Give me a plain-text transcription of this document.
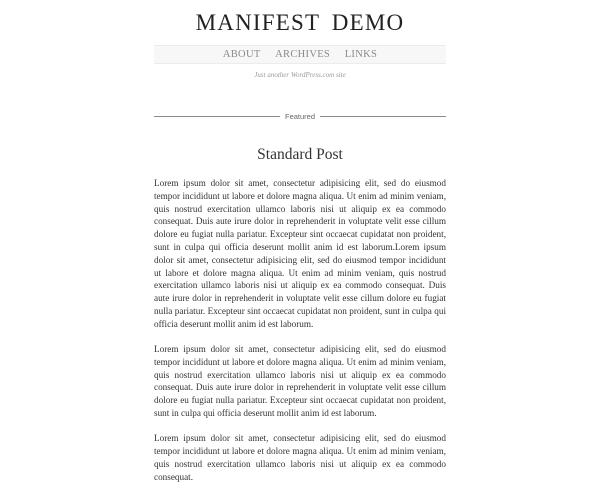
MANIFEST DEMO
ABOUT ARCHIVES LINKS
Just another WordPress.com site
Featured
Standard Post

Lorem ipsum dolor sit amet, consectetur adipisicing elit, sed do eiusmod tempor incididunt ut labore et dolore magna aliqua. Ut enim ad minim veniam, quis nostrud exercitation ullamco laboris nisi ut aliquip ex ea commodo consequat. Duis aute irure dolor in reprehenderit in voluptate velit esse cillum dolore eu fugiat nulla pariatur. Excepteur sint occaecat cupidatat non proident, sunt in culpa qui officia deserunt mollit anim id est laborum.Lorem ipsum dolor sit amet, consectetur adipisicing elit, sed do eiusmod tempor incididunt ut labore et dolore magna aliqua. Ut enim ad minim veniam, quis nostrud exercitation ullamco laboris nisi ut aliquip ex ea commodo consequat. Duis aute irure dolor in reprehenderit in voluptate velit esse cillum dolore eu fugiat nulla pariatur. Excepteur sint occaecat cupidatat non proident, sunt in culpa qui officia deserunt mollit anim id est laborum.

Lorem ipsum dolor sit amet, consectetur adipisicing elit, sed do eiusmod tempor incididunt ut labore et dolore magna aliqua. Ut enim ad minim veniam, quis nostrud exercitation ullamco laboris nisi ut aliquip ex ea commodo consequat. Duis aute irure dolor in reprehenderit in voluptate velit esse cillum dolore eu fugiat nulla pariatur. Excepteur sint occaecat cupidatat non proident, sunt in culpa qui officia deserunt mollit anim id est laborum.

Lorem ipsum dolor sit amet, consectetur adipisicing elit, sed do eiusmod tempor incididunt ut labore et dolore magna aliqua. Ut enim ad minim veniam, quis nostrud exercitation ullamco laboris nisi ut aliquip ex ea commodo consequat.
